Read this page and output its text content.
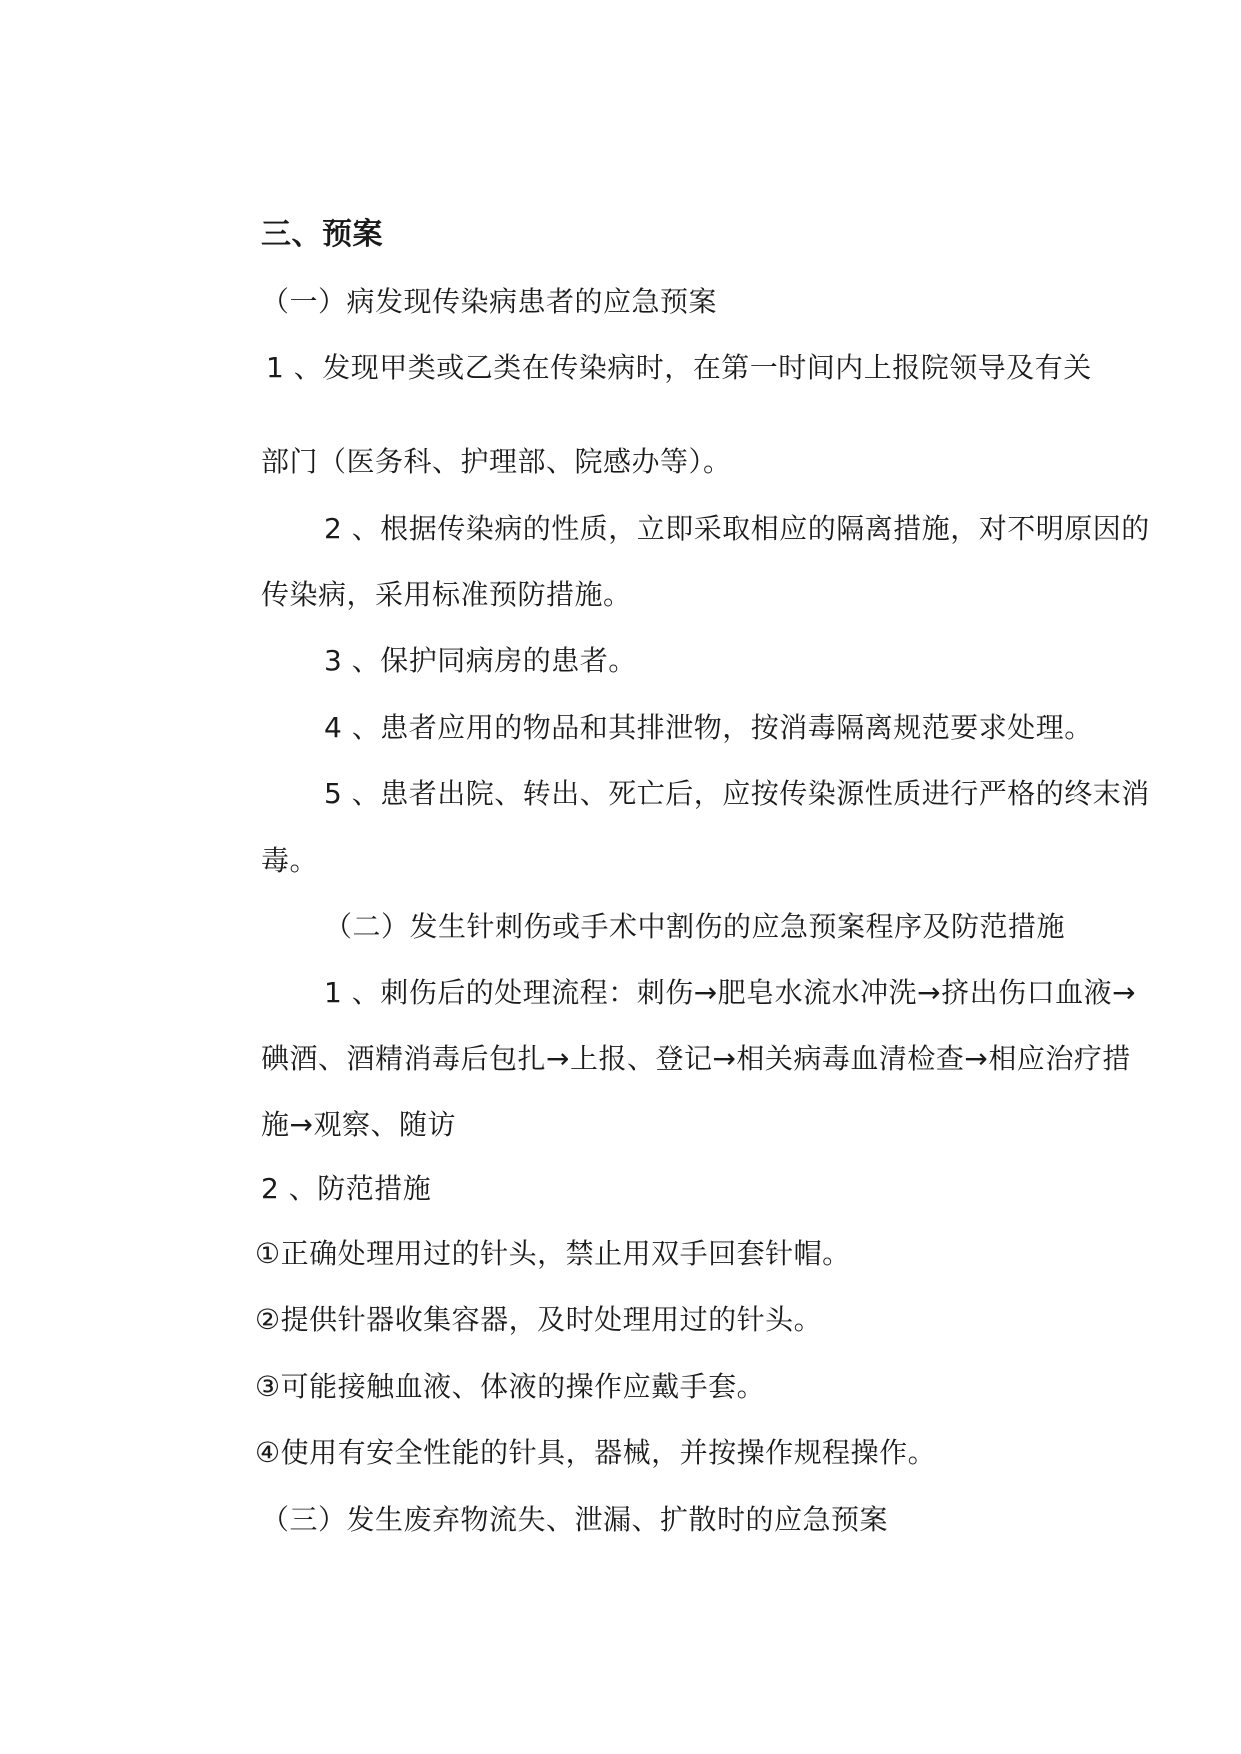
三、预案
（一）病发现传染病患者的应急预案
1 、发现甲类或乙类在传染病时，在第一时间内上报院领导及有关
部门（医务科、护理部、院感办等）。
2 、根据传染病的性质，立即采取相应的隔离措施，对不明原因的
传染病，采用标准预防措施。
3 、保护同病房的患者。
4 、患者应用的物品和其排泄物，按消毒隔离规范要求处理。
5 、患者出院、转出、死亡后，应按传染源性质进行严格的终末消
毒。
（二）发生针刺伤或手术中割伤的应急预案程序及防范措施
1 、刺伤后的处理流程：刺伤→肥皂水流水冲洗→挤出伤口血液→
碘酒、酒精消毒后包扎→上报、登记→相关病毒血清检查→相应治疗措
施→观察、随访
2 、防范措施
①正确处理用过的针头，禁止用双手回套针帽。
②提供针器收集容器，及时处理用过的针头。
③可能接触血液、体液的操作应戴手套。
④使用有安全性能的针具，器械，并按操作规程操作。
（三）发生废弃物流失、泄漏、扩散时的应急预案
